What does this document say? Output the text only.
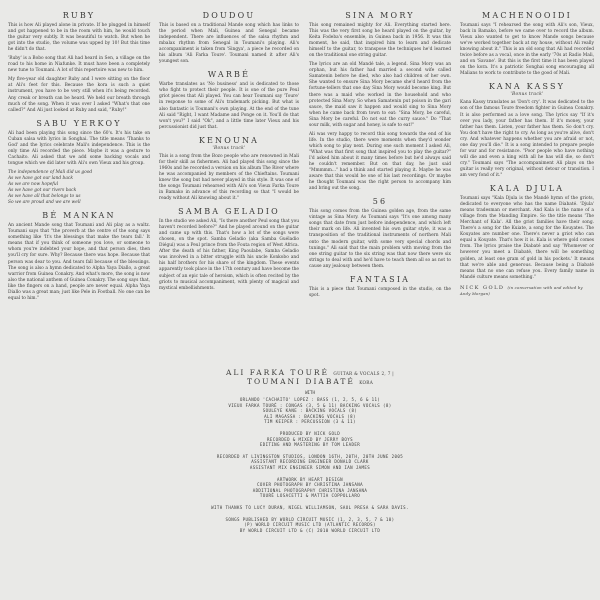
RUBY

This is how Ali played alone in private. If he plugged in himself and got happened to be in the room with him, he would touch the guitar very subtly. It was beautiful to watch. But when he got into the studio, the volume was upped by 10! But this time he didn't do that.

'Ruby' is a Bobo song that Ali had heard in Sen, a village on the road to his home in Niafunke. It must have been a completely new tune to Toumani. A lot of this repertoire was new to him.

My five-year old daughter Ruby and I were sitting on the floor at Ali's feet for this. Because the kora is such a quiet instrument, you have to be very still when it's being recorded. Any creak or breath can be heard. We held our breath through much of the song. When it was over I asked "What's that one called?" And Ali just looked at Ruby and said, "Ruby!"

SABU YERKOY

Ali had been playing this song since the 60's. It's his take on Cuban salsa with lyrics in Songhai. The title means 'Thanks to God' and the lyrics celebrate Mali's independence. This is the only time Ali recorded the piece. Maybe it was a gesture to Cachaito. Ali asked that we add some backing vocals and tongue which we did later with Ali's own Vieux and his group.

The independence of Mali did us good
As we have got our land back
As we are now hopeful
As we have got our rivers back
As we have all that belongs to us
So we are proud and we are well

BÉ MANKAN

An ancient Mande song that Toumani and Ali play as a waltz. Toumani says that "the proverb at the centre of the song says something like 'It's the blessings that make the tears fall.' It means that if you think of someone you love, or someone to whom you're indebted your hope, and that person dies, then you'll cry for sure. Why? Because there was hope. Because that person was dear to you. And tears fall because of the blessings. The song is also a hymn dedicated to Alpha Yaya Diallo, a great warrior from Guinea Conakry. And what's more, the song is now also the national anthem of Guinea Conakry. The song says that, like the fingers on a hand, people are never equal. Alpha Yaya Diallo was a great man; just like Pele in Football. No one can be equal to him."

DOUDOU

This is based on a traditional Mande song which has links to the period when Mali, Guinea and Senegal became independent. There are influences of the salsa rhythm and mbalax rhythm from Senegal in Toumani's playing. Ali's accompaniment is taken from 'Singya', a piece he recorded on his album 'Ali Farka Toure'. Toumani named it after Ali's youngest son.

WARBÉ

Warbe translates as 'No business' and is dedicated to those who fight to protect their people. It is one of the pure Peul griot pieces that Ali played. You can hear Toumani say 'Toure' in response to some of Ali's trademark picking. But what is also fantastic is Toumani's own playing. At the end of the tune Ali said "Right, I want Madame and Ponge on it. You'll do that won't you?" I said "Ok", and a little time later Vieux and his percussionist did just that.

KENOUNA
'Bonus track'

This is a song from the Bozo people who are renowned in Mali for their skill as fishermen. Ali had played this song since the 1960s and he recorded a version on his album The River where he was accompanied by members of the Chieftains. Toumani knew the song but had never played in this style. It was one of the songs Toumani rehearsed with Ali's son Vieux Farka Toure in Bamako in advance of this recording so that "I would be ready without Ali knowing about it."

SAMBA GELADIO

In the studio we asked Ali, "Is there another Peul song that you haven't recorded before?" And he played around on the guitar and came up with this. That's how a lot of the songs were chosen, on the spot. Samba Geladio (aka Samba Guéladio Diégui) was a Peul prince from the Fouta region of West Africa. After the death of his father, King Paoulabe, Samba Geladio was involved in a bitter struggle with his uncle Konkobo and his half brothers for his share of the kingdom. These events apparently took place in the 17th century and have become the subject of an epic tale of heroism, which is often recited by the griots to musical accompaniment, with plenty of magical and mystical embellishments.

SINA MORY

This song remained mighty for Ali. Everything started here. This was the very first song he heard played on the guitar, by Keita Fodeba's ensemble, in Guinea back in 1956. It was this moment, he said, that inspired him to learn and dedicate himself to the guitar, to transpose the techniques he'd learned on the traditional one string guitar.

The lyrics are an old Mandé tale, a legend. Sina Mory was an orphan, but his father had married a second wife called Samatenin before he died, who also had children of her own. She wanted to ensure Sina Mory became she'd heard from the fortune-tellers that one day Sina Mory would become king. But there was a maid who worked in the household and who protected Sina Mory. So when Samatenin put poison in the gari sauce, the maid saw it happen and would sing to Sina Mory when he came back from town to eat: "Sina Mory, be careful, Sina Mory be careful. Do not eat the curry sauce." Do "That sour milk, with sugar and honey, is safe to eat!"

Ali was very happy to record this song towards the end of his life. In the studio, there were moments when they'd wonder which song to play next. During one such moment I asked Ali, "What was that first song that inspired you to play the guitar?" I'd asked him about it many times before but he'd always said he couldn't remember. But on that day, he just said "Mmmmm..." had a think and started playing it. Maybe he was aware that this would be one of his last recordings. Or maybe he thought Toumani was the right person to accompany him and bring out the song.

56

This song comes from the Guinea golden age, from the same vintage as Sina Mory. As Toumani says "It's one among many songs that date from just before independence, and which left their mark on life. Ali invented his own guitar style, it was a transposition of the traditional instruments of northern Mali onto the modern guitar, with some very special chords and tunings." Ali said that the main problem with moving from the one string guitar to the six string was that now there were six strings to deal with and he'd have to teach them all so as not to cause any jealousy between them.

FANTASIA

This is a piece that Toumani composed in the studio, on the spot.

MACHENOOIDI

Toumani says "I rehearsed the song with Ali's son, Vieux, back in Bamako, before we came over to record the album. Vieux also wanted to get to know Mande songs because we've worked together back at my house, without Ali really knowing about it." This is an old song that Ali had recorded twice before as a vocal, once in the early '70s at Radio Mali, and on 'Savane'. But this is the first time it has been played on the kora. It's a patriotic Songhai song encouraging all Malians to work to contribute to the good of Mali.

KANA KASSY
'Bonus track'

Kana Kassy translates as 'Don't cry'. It was dedicated to the son of the famous Toure freedom fighter in Guinea Conakry. It is also performed as a love song. The lyrics say "If it's over you lady, your father has them. If it's money, your father has them. Listen, your father has them. So don't cry. You don't have the right to cry. As long as you're alive, don't cry. And whatever happens whether you are afraid or not, one day you'll die." It is a song intended to prepare people for war and for resistance. "Poor people who have nothing will die and even a king with all he has will die, so don't cry." Toumani says "The accompaniment Ali plays on the guitar is really very original, without detour or transition. I am very fond of it."

KALA DJULA

Toumani says "Kala Djula is the Mandé hymn of the griots, dedicated to everyone who has the name Diabaté. 'Djula' means tradesman or merchant. And Kala is the name of a village from the Manding Empire. So the title means 'The Merchant of Kala'. All the griot families have their song. There's a song for the Kuiate, a song for the Kouyates. The Kouyates are number one. There's never a griot who can equal a Kouyate. That's how it is. Kala is where gold comes from. The lyrics praise the Diabaté and say 'Whomever or however you meet a Diabaté, there will be something golden, at least one gram of gold in his pockets.' It means that we're able and generous. Because being a Diabaté means that no one can refuse you. Every family name in Mandé culture means something."

NICK GOLD (in conversation with and edited by Andy Morgan)
ALI FARKA TOURÉ GUITAR & VOCALS 2, 7 |
TOUMANI DIABATÉ KORA
WITH
ORLANDO 'CACHAITO' LOPEZ : BASS (1, 2, 5, 6 & 11)
VIEUX FARKA TOURÉ : CONGAS (3, 5 & 11) BACKING VOCALS (8)
SOULEYE KANE : BACKING VOCALS (8)
ALI MAGASSA : BACKING VOCALS (8)
TIM KEIPER : PERCUSSION (3 & 11)
PRODUCED BY NICK GOLD
RECORDED & MIXED BY JERRY BOYS
EDITING AND MASTERING BY TOM LEADER
RECORDED AT LIVINGSTON STUDIOS, LONDON 16TH, 20TH, 20TH JUNE 2005
ASSISTANT RECORDING ENGINEER DONALD CLARK
ASSISTANT MIX ENGINEER SIMON AND IAN JAMES
ARTWORK BY HEART DESIGN
COVER PHOTOGRAPH BY CHRISTINA JANSANA
ADDITIONAL PHOTOGRAPHY CHRISTINA JANSANA
TOURÉ LOSACETTI & MATTIA COPPOLLARO
WITH THANKS TO LUCY DURAN, NIGEL WILLIAMSON, SAUL PRESA & SARA DAVIS.
SONGS PUBLISHED BY WORLD CIRCUIT MUSIC (1, 2, 3, 5, 7 & 10)
(P) WORLD CIRCUIT MUSIC LTD (ATLANTIC RECORDS)
BY WORLD CIRCUIT LTD & (C) 2010 WORLD CIRCUIT LTD
